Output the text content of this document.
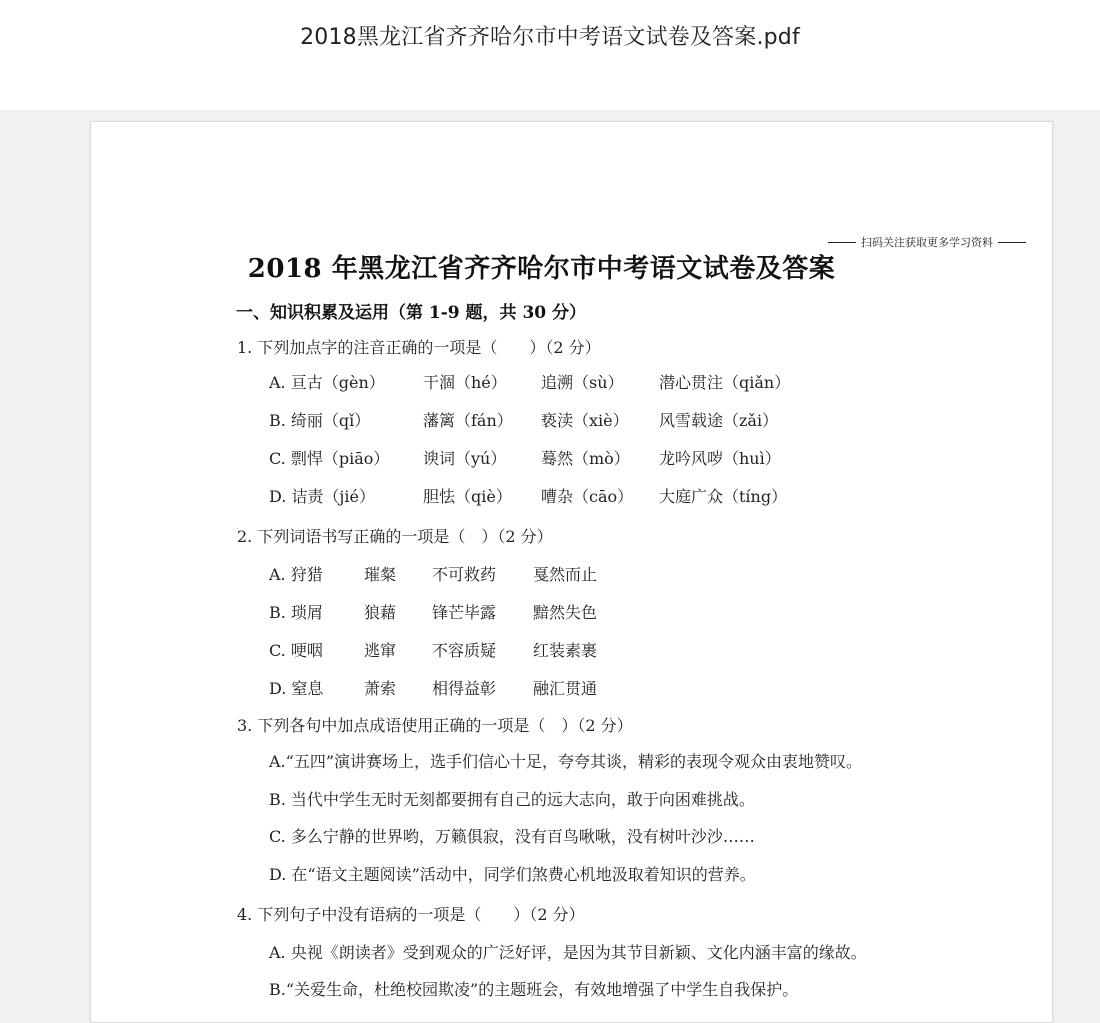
2018黑龙江省齐齐哈尔市中考语文试卷及答案.pdf
扫码关注获取更多学习资料
2018 年黑龙江省齐齐哈尔市中考语文试卷及答案
一、知识积累及运用（第 1-9 题，共 30 分）
1. 下列加点字的注音正确的一项是（　　）（2 分）
A. 亘古（gèn） 干涸（hé） 追溯（sù） 潜心贯注（qiǎn）
B. 绮丽（qǐ）	藩篱（fán） 亵渎（xiè） 风雪载途（zǎi）
C. 剽悍（piāo） 谀词（yú） 蓦然（mò） 龙吟风哕（huì）
D. 诘责（jié）	胆怯（qiè） 嘈杂（cāo） 大庭广众（tíng）
2. 下列词语书写正确的一项是（　）（2 分）
A. 狩猎	璀粲 不可救药 戛然而止
B. 琐屑	狼藉 锋芒毕露 黯然失色
C. 哽咽	逃窜 不容质疑 红装素裹
D. 窒息	萧索 相得益彰 融汇贯通
3. 下列各句中加点成语使用正确的一项是（　）（2 分）
A.“五四”演讲赛场上，选手们信心十足，夸夸其谈，精彩的表现令观众由衷地赞叹。
B. 当代中学生无时无刻都要拥有自己的远大志向，敢于向困难挑战。
C. 多么宁静的世界哟，万籁俱寂，没有百鸟啾啾，没有树叶沙沙……
D. 在“语文主题阅读”活动中，同学们煞费心机地汲取着知识的营养。
4. 下列句子中没有语病的一项是（　　）（2 分）
A. 央视《朗读者》受到观众的广泛好评，是因为其节目新颖、文化内涵丰富的缘故。
B.“关爱生命，杜绝校园欺凌”的主题班会，有效地增强了中学生自我保护。
